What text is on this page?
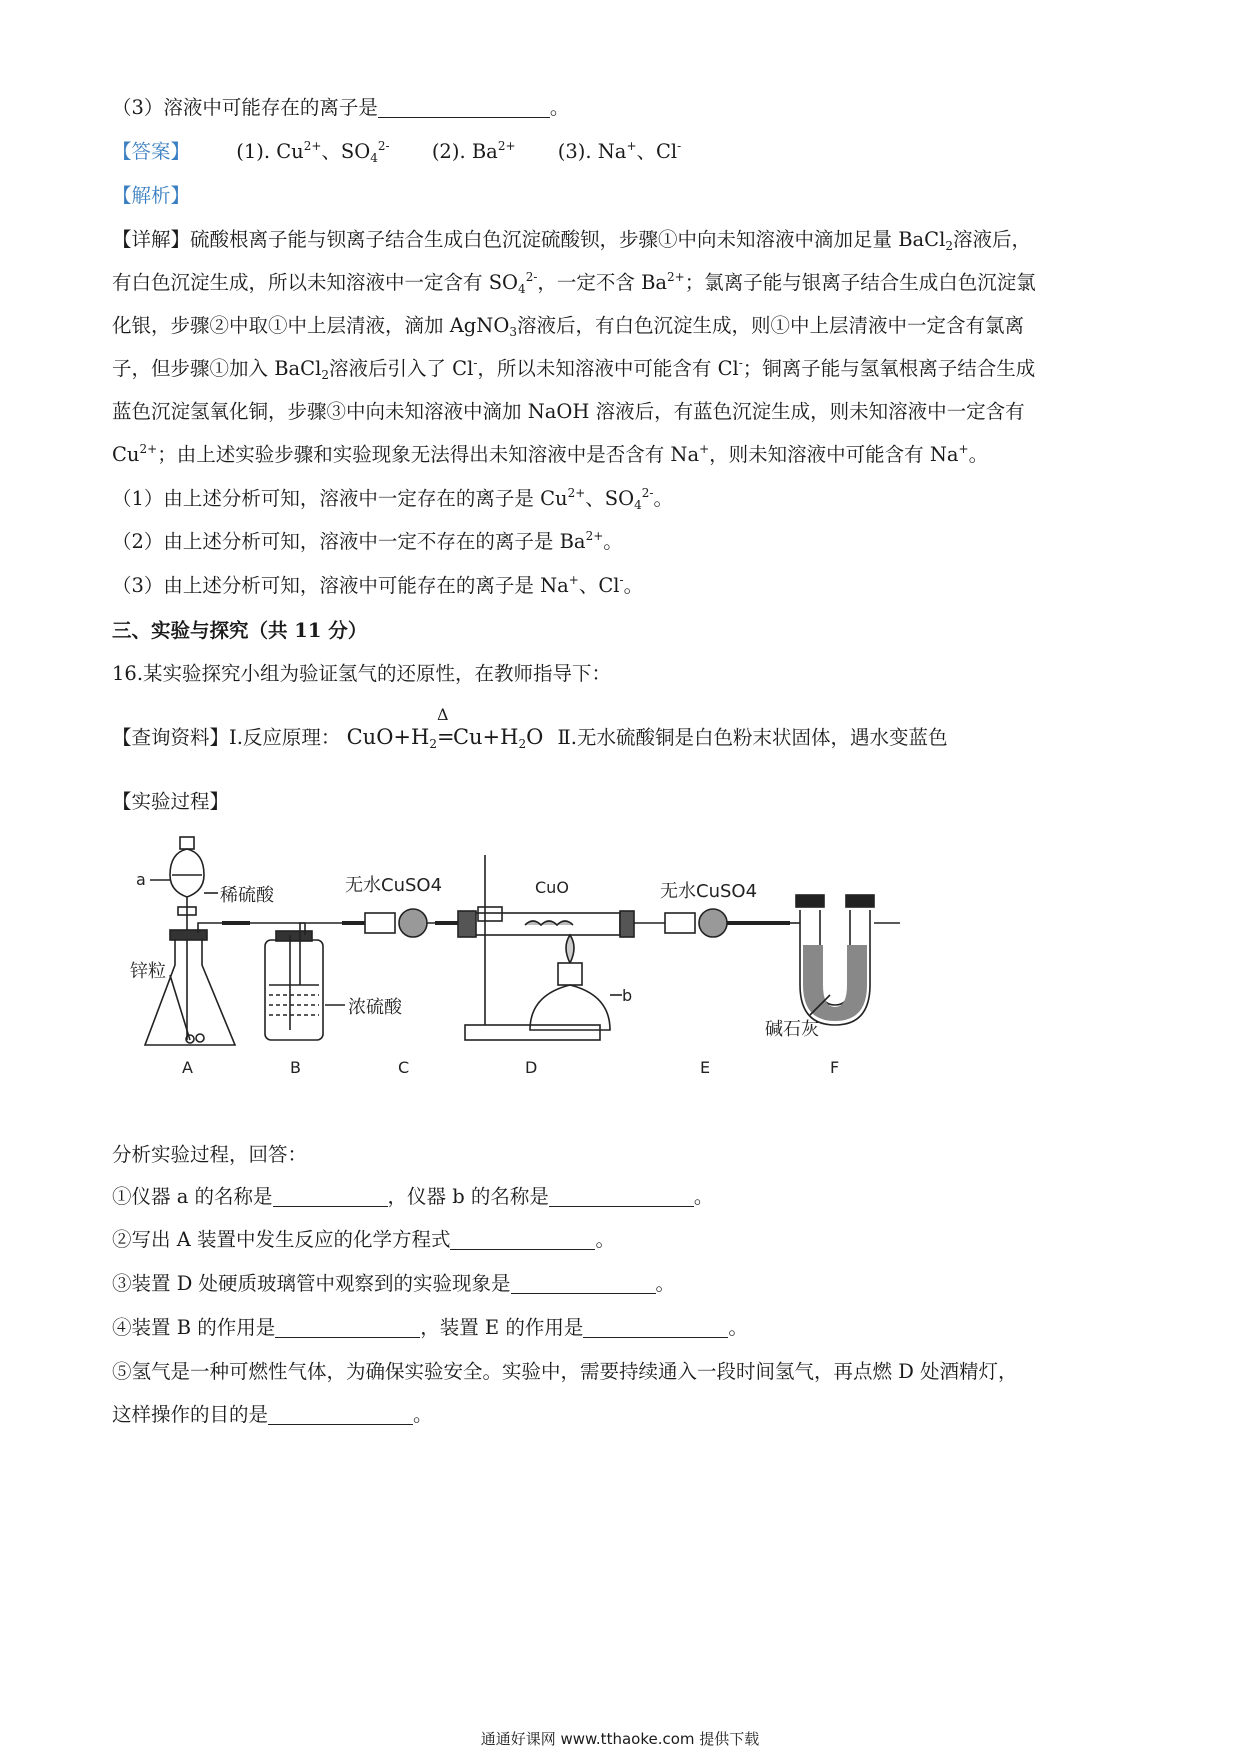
（3）溶液中可能存在的离子是	。
【答案】 (1). $Cu^{2+}$、$SO_4^{2-}$ (2). $Ba^{2+}$ (3). Na+、Cl-
【解析】
【详解】硫酸根离子能与钡离子结合生成白色沉淀硫酸钡，步骤①中向未知溶液中滴加足量 BaCl$_2$溶液后，
有白色沉淀生成，所以未知溶液中一定含有 $SO_4^{2-}$，一定不含 $Ba^{2+}$；氯离子能与银离子结合生成白色沉淀氯
化银，步骤②中取①中上层清液，滴加 AgNO$_3$溶液后，有白色沉淀生成，则①中上层清液中一定含有氯离
子，但步骤①加入 BaCl$_2$溶液后引入了 Cl-，所以未知溶液中可能含有 Cl-；铜离子能与氢氧根离子结合生成
蓝色沉淀氢氧化铜，步骤③中向未知溶液中滴加 NaOH 溶液后，有蓝色沉淀生成，则未知溶液中一定含有
$Cu^{2+}$；由上述实验步骤和实验现象无法得出未知溶液中是否含有 Na+，则未知溶液中可能含有 Na+。
（1）由上述分析可知，溶液中一定存在的离子是 $Cu^{2+}$、$SO_4^{2-}$。
（2）由上述分析可知，溶液中一定不存在的离子是 $Ba^{2+}$。
（3）由上述分析可知，溶液中可能存在的离子是 Na+、Cl-。
三、实验与探究（共 11 分）
16.某实验探究小组为验证氢气的还原性，在教师指导下：
【查询资料】Ⅰ.反应原理： $CuO+H_2$
Δ
$=Cu+H_2O$ Ⅱ.无水硫酸铜是白色粉末状固体，遇水变蓝色
【实验过程】
a
稀硫酸
锌粒
无水CuSO4	CuO	无水CuSO4
浓硫酸
b
碱石灰
A	B	C	D	E	F
分析实验过程，回答：
①仪器 a 的名称是	，仪器 b 的名称是	。
②写出 A 装置中发生反应的化学方程式	。
③装置 D 处硬质玻璃管中观察到的实验现象是	。
④装置 B 的作用是	，装置 E 的作用是	。
⑤氢气是一种可燃性气体，为确保实验安全。实验中，需要持续通入一段时间氢气，再点燃 D 处酒精灯，
这样操作的目的是	。
通通好课网 www.tthaoke.com 提供下载
